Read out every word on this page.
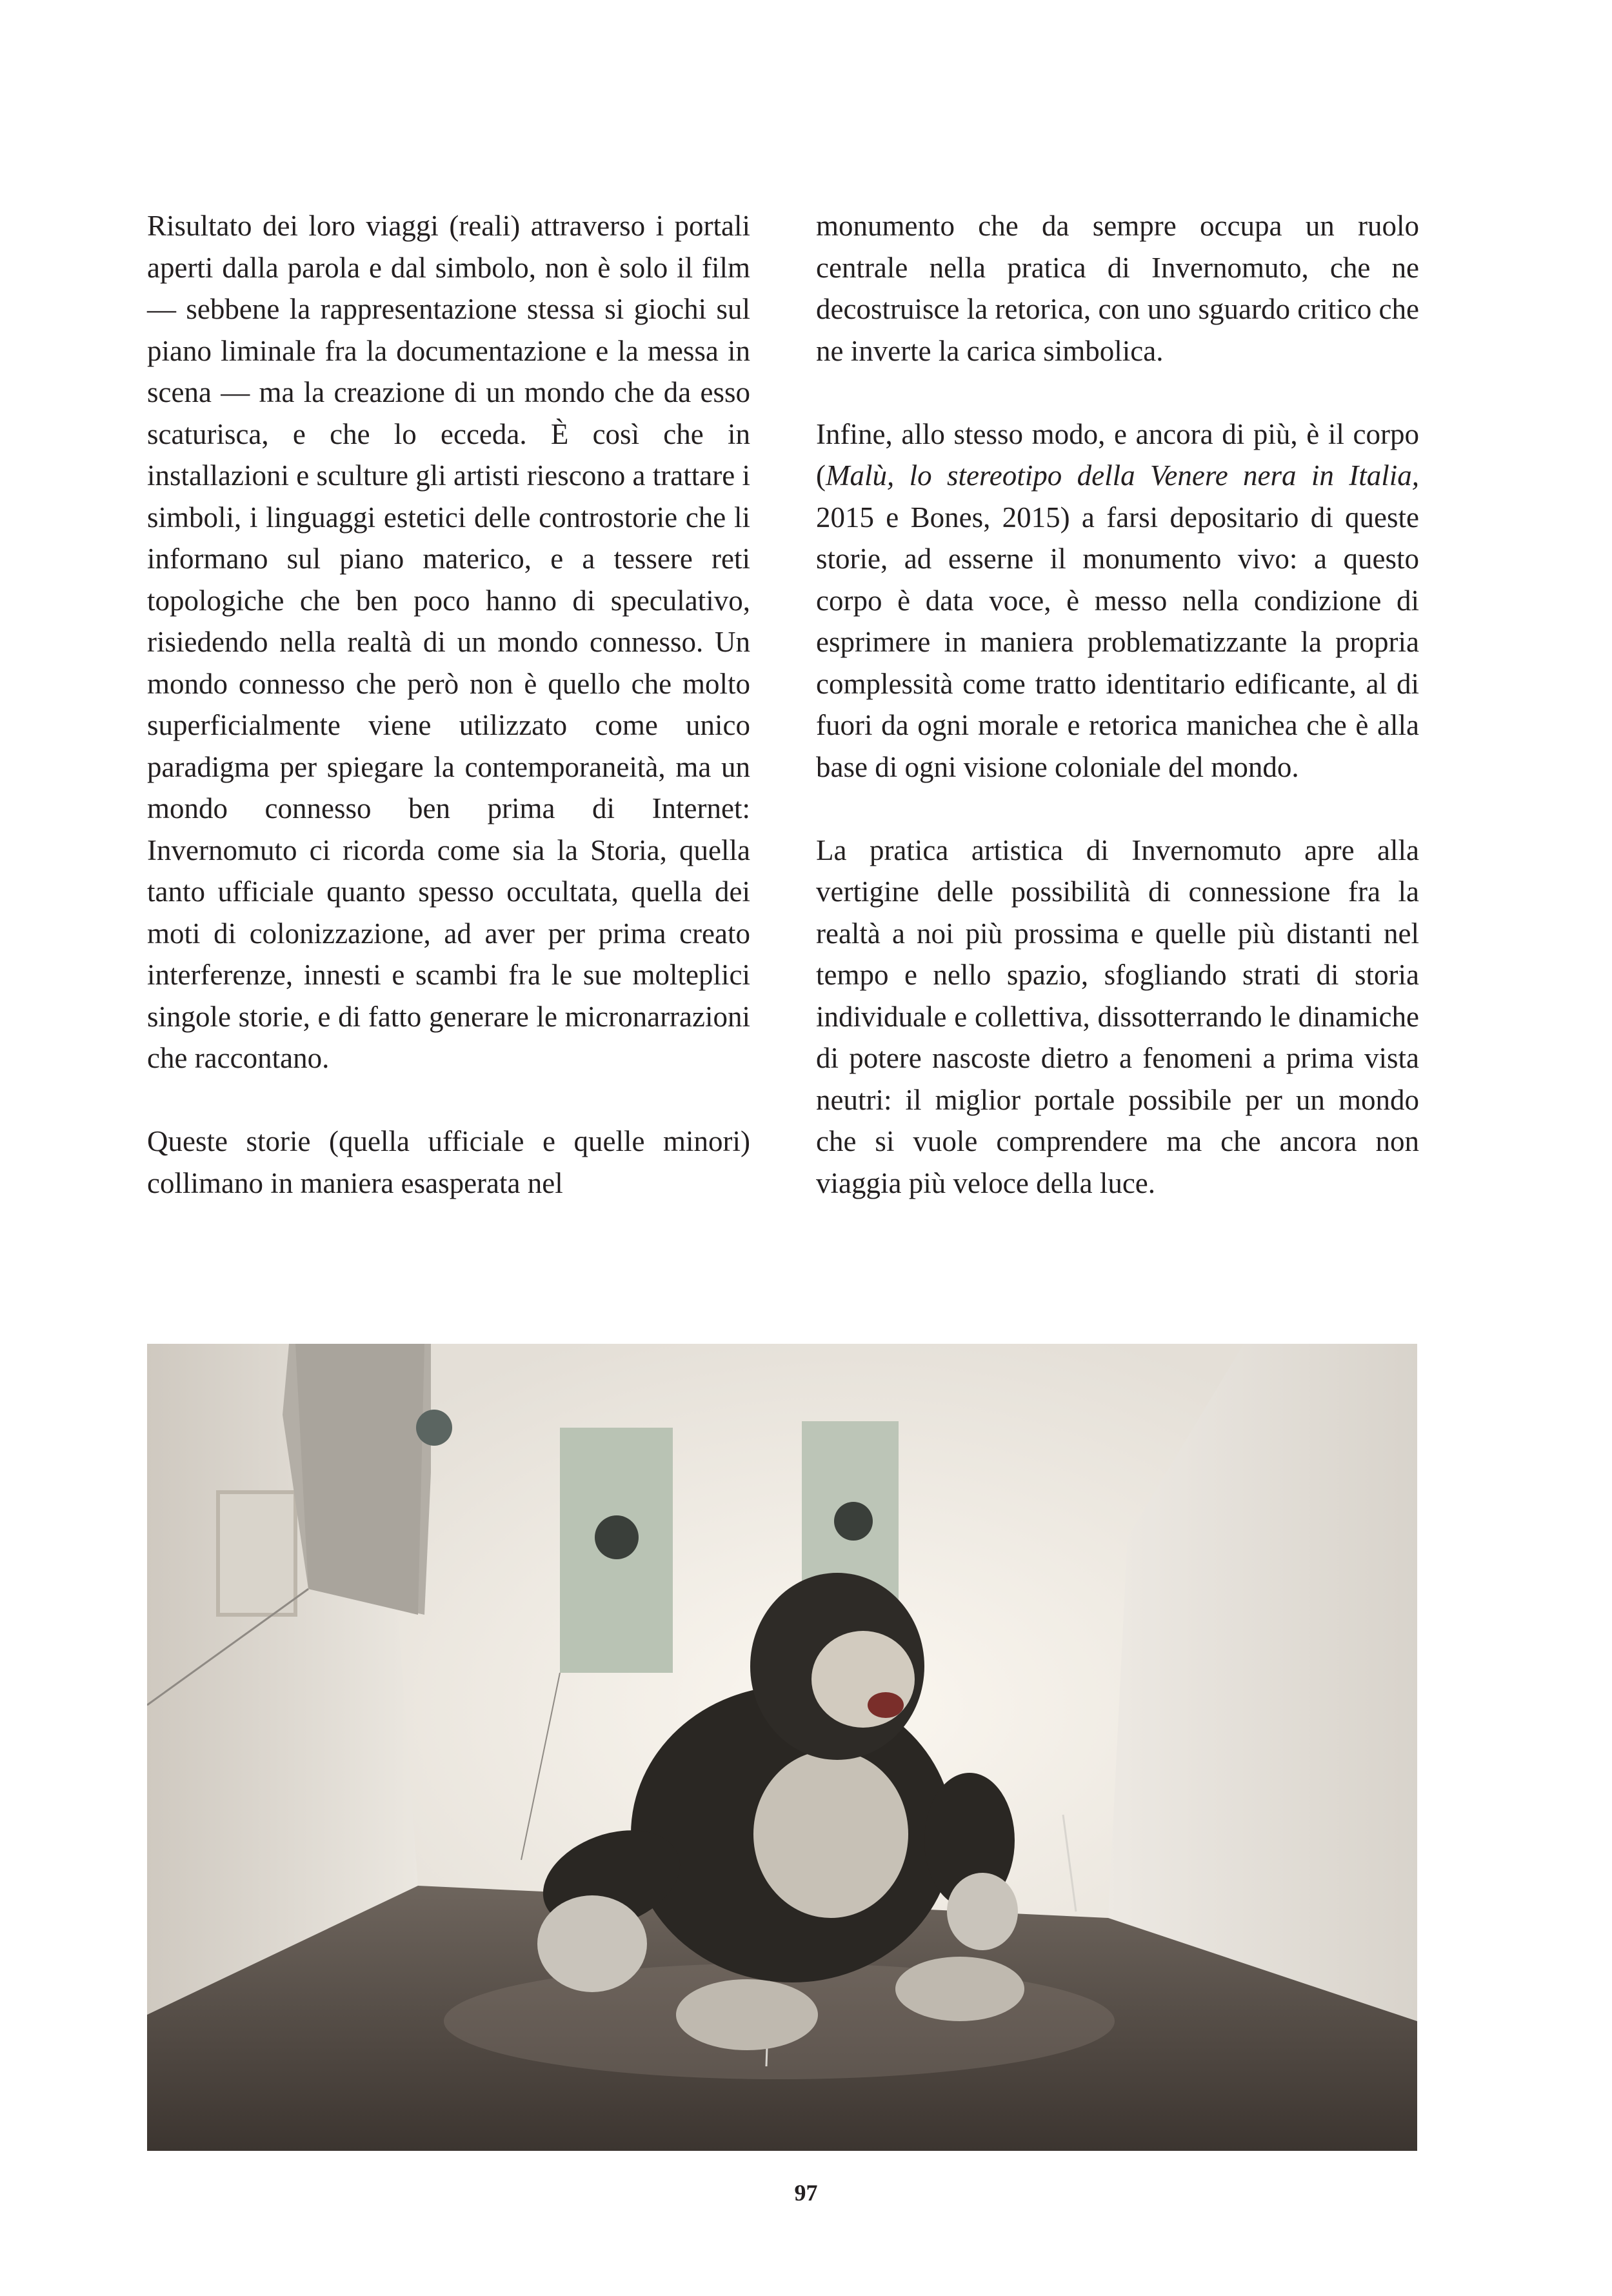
Risultato dei loro viaggi (reali) attraverso i portali aperti dalla parola e dal simbolo, non è solo il film — sebbene la rappresentazione stessa si giochi sul piano liminale fra la documentazione e la messa in scena — ma la creazione di un mondo che da esso scaturisca, e che lo ecceda. È così che in installazioni e sculture gli artisti riescono a trattare i simboli, i linguaggi estetici delle controstorie che li informano sul piano materico, e a tessere reti topologiche che ben poco hanno di speculativo, risiedendo nella realtà di un mondo connesso. Un mondo connesso che però non è quello che molto superficialmente viene utilizzato come unico paradigma per spiegare la contemporaneità, ma un mondo connesso ben prima di Internet: Invernomuto ci ricorda come sia la Storia, quella tanto ufficiale quanto spesso occultata, quella dei moti di colonizzazione, ad aver per prima creato interferenze, innesti e scambi fra le sue molteplici singole storie, e di fatto generare le micronarrazioni che raccontano.

Queste storie (quella ufficiale e quelle minori) collimano in maniera esasperata nel

monumento che da sempre occupa un ruolo centrale nella pratica di Invernomuto, che ne decostruisce la retorica, con uno sguardo critico che ne inverte la carica simbolica.

Infine, allo stesso modo, e ancora di più, è il corpo (Malù, lo stereotipo della Venere nera in Italia, 2015 e Bones, 2015) a farsi depositario di queste storie, ad esserne il monumento vivo: a questo corpo è data voce, è messo nella condizione di esprimere in maniera problematizzante la propria complessità come tratto identitario edificante, al di fuori da ogni morale e retorica manichea che è alla base di ogni visione coloniale del mondo.

La pratica artistica di Invernomuto apre alla vertigine delle possibilità di connessione fra la realtà a noi più prossima e quelle più distanti nel tempo e nello spazio, sfogliando strati di storia individuale e collettiva, dissotterrando le dinamiche di potere nascoste dietro a fenomeni a prima vista neutri: il miglior portale possibile per un mondo che si vuole comprendere ma che ancora non viaggia più veloce della luce.

97
